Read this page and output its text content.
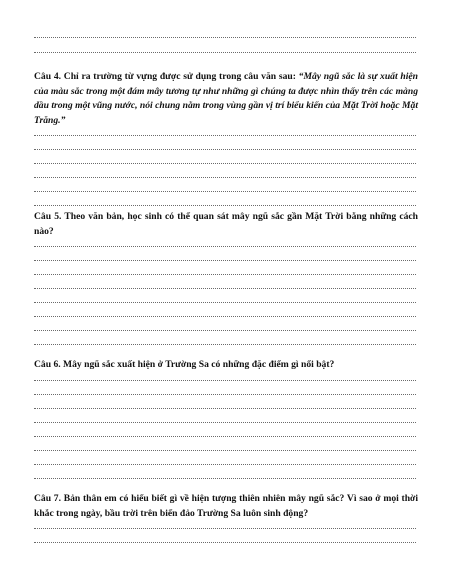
Câu 4. Chỉ ra trường từ vựng được sử dụng trong câu văn sau: “Mây ngũ sắc là sự xuất hiện của màu sắc trong một đám mây tương tự như những gì chúng ta được nhìn thấy trên các màng dầu trong một vũng nước, nói chung nằm trong vùng gần vị trí biểu kiến của Mặt Trời hoặc Mặt Trăng.”
Câu 5. Theo văn bản, học sinh có thể quan sát mây ngũ sắc gần Mặt Trời bằng những cách nào?
Câu 6. Mây ngũ sắc xuất hiện ở Trường Sa có những đặc điểm gì nổi bật?
Câu 7. Bản thân em có hiểu biết gì về hiện tượng thiên nhiên mây ngũ sắc? Vì sao ở mọi thời khắc trong ngày, bầu trời trên biển đảo Trường Sa luôn sinh động?
